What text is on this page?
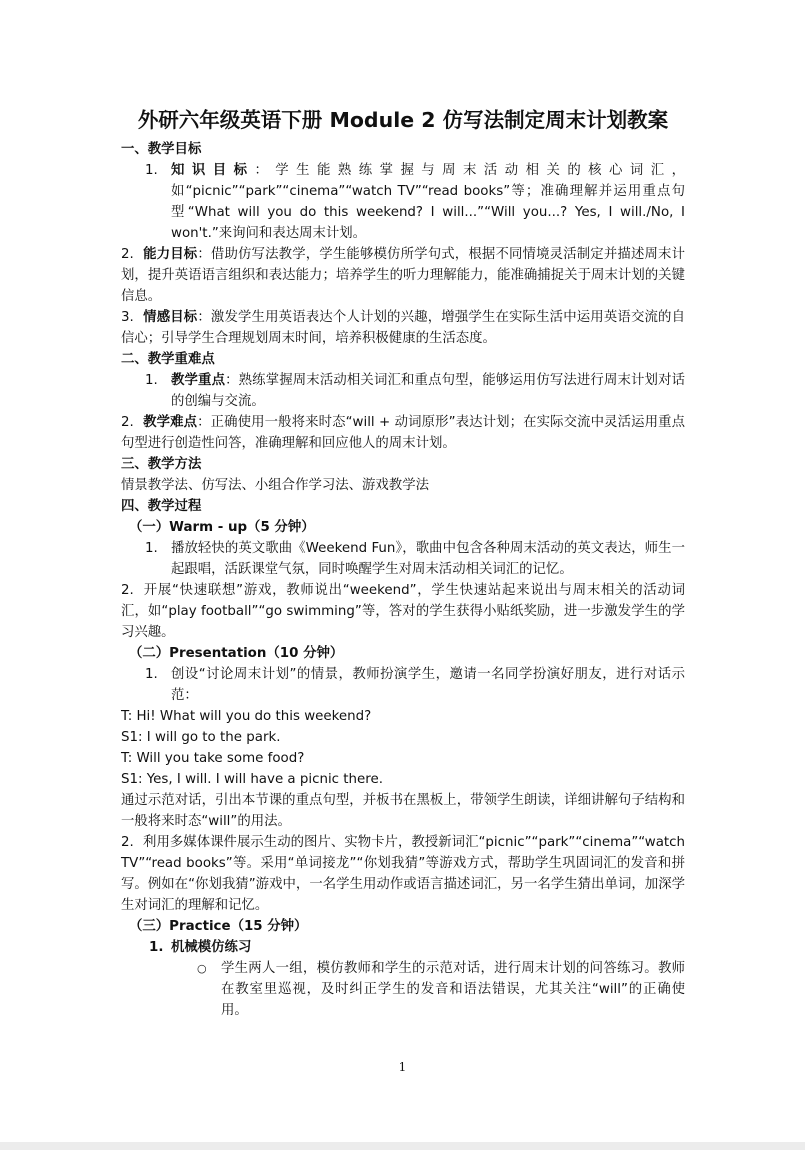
外研六年级英语下册 Module 2 仿写法制定周末计划教案
一、教学目标
1. 知识目标：学生能熟练掌握与周末活动相关的核心词汇，如“picnic”“park”“cinema”“watch TV”“read books”等；准确理解并运用重点句型“What will you do this weekend? I will...”“Will you...? Yes, I will./No, I won't.”来询问和表达周末计划。
2. 能力目标：借助仿写法教学，学生能够模仿所学句式，根据不同情境灵活制定并描述周末计划，提升英语语言组织和表达能力；培养学生的听力理解能力，能准确捕捉关于周末计划的关键信息。
3. 情感目标：激发学生用英语表达个人计划的兴趣，增强学生在实际生活中运用英语交流的自信心；引导学生合理规划周末时间，培养积极健康的生活态度。
二、教学重难点
1. 教学重点：熟练掌握周末活动相关词汇和重点句型，能够运用仿写法进行周末计划对话的创编与交流。
2. 教学难点：正确使用一般将来时态“will + 动词原形”表达计划；在实际交流中灵活运用重点句型进行创造性问答，准确理解和回应他人的周末计划。
三、教学方法
情景教学法、仿写法、小组合作学习法、游戏教学法
四、教学过程
（一）Warm - up（5 分钟）
1. 播放轻快的英文歌曲《Weekend Fun》，歌曲中包含各种周末活动的英文表达，师生一起跟唱，活跃课堂气氛，同时唤醒学生对周末活动相关词汇的记忆。
2. 开展“快速联想”游戏，教师说出“weekend”，学生快速站起来说出与周末相关的活动词汇，如“play football”“go swimming”等，答对的学生获得小贴纸奖励，进一步激发学生的学习兴趣。
（二）Presentation（10 分钟）
1. 创设“讨论周末计划”的情景，教师扮演学生，邀请一名同学扮演好朋友，进行对话示范：
T: Hi! What will you do this weekend?
S1: I will go to the park.
T: Will you take some food?
S1: Yes, I will. I will have a picnic there.
通过示范对话，引出本节课的重点句型，并板书在黑板上，带领学生朗读，详细讲解句子结构和一般将来时态“will”的用法。
2. 利用多媒体课件展示生动的图片、实物卡片，教授新词汇“picnic”“park”“cinema”“watch TV”“read books”等。采用“单词接龙”“你划我猜”等游戏方式，帮助学生巩固词汇的发音和拼写。例如在“你划我猜”游戏中，一名学生用动作或语言描述词汇，另一名学生猜出单词，加深学生对词汇的理解和记忆。
（三）Practice（15 分钟）
1. 机械模仿练习
○ 学生两人一组，模仿教师和学生的示范对话，进行周末计划的问答练习。教师在教室里巡视，及时纠正学生的发音和语法错误，尤其关注“will”的正确使用。
1
